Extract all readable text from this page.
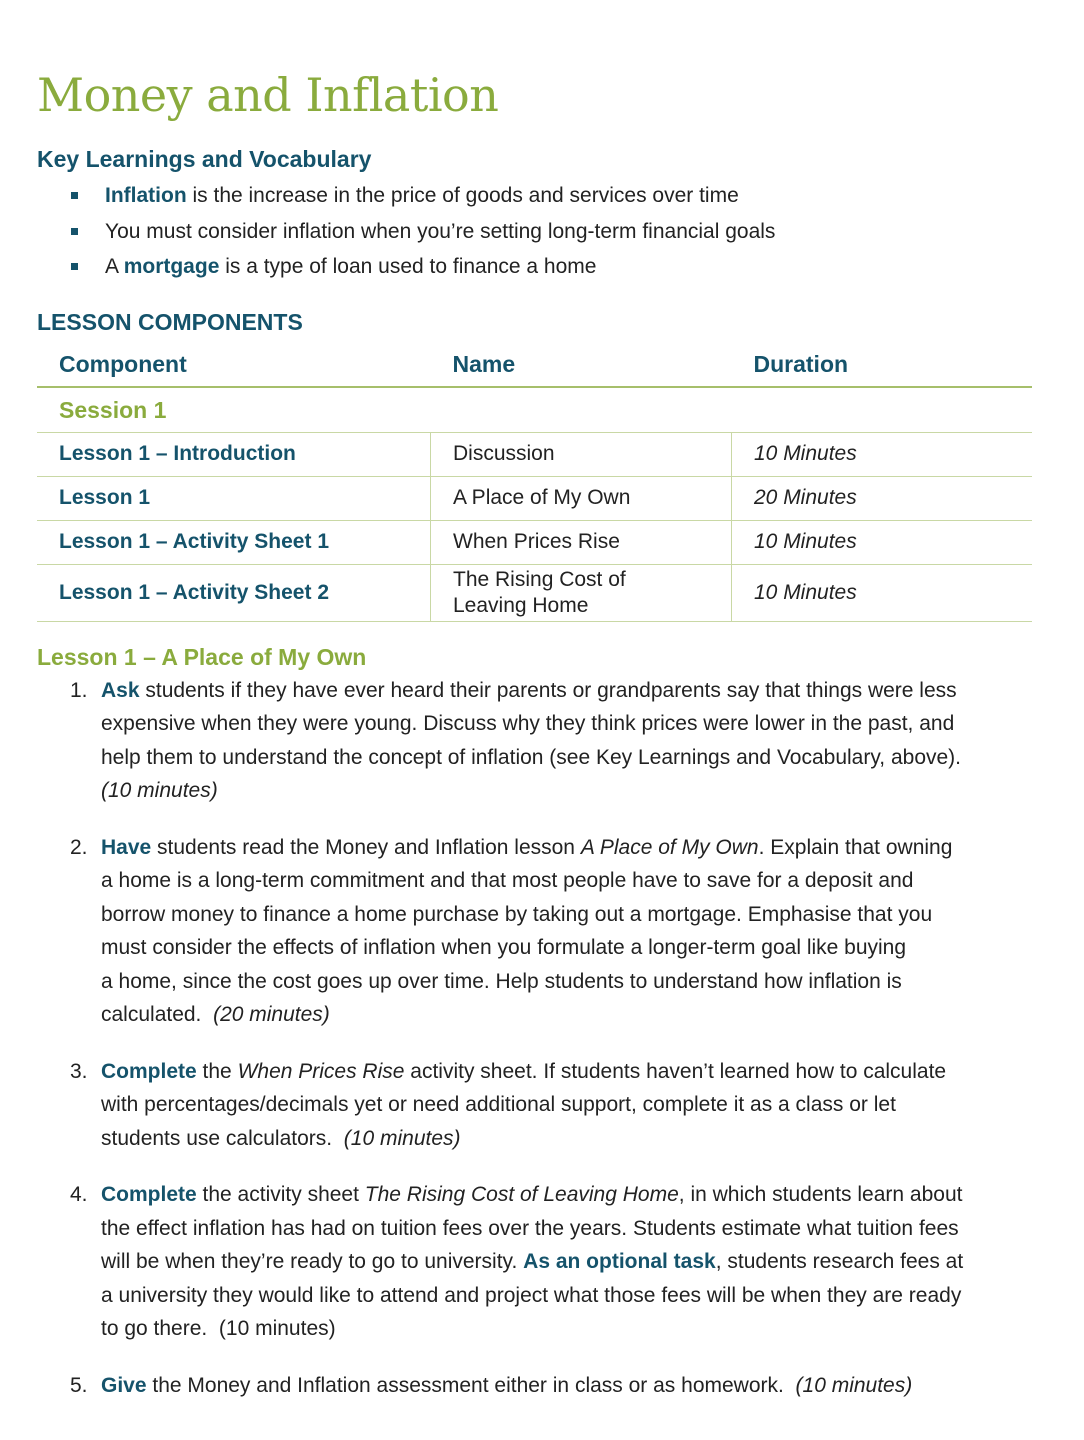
Money and Inflation
Key Learnings and Vocabulary
Inflation is the increase in the price of goods and services over time
You must consider inflation when you’re setting long-term financial goals
A mortgage is a type of loan used to finance a home
LESSON COMPONENTS
Component	Name	Duration
Session 1		
Lesson 1 – Introduction	Discussion	10 Minutes
Lesson 1	A Place of My Own	20 Minutes
Lesson 1 – Activity Sheet 1	When Prices Rise	10 Minutes
Lesson 1 – Activity Sheet 2	The Rising Cost of
Leaving Home	10 Minutes
Lesson 1 – A Place of My Own
1. Ask students if they have ever heard their parents or grandparents say that things were less
expensive when they were young. Discuss why they think prices were lower in the past, and
help them to understand the concept of inflation (see Key Learnings and Vocabulary, above).
(10 minutes)
2. Have students read the Money and Inflation lesson A Place of My Own. Explain that owning
a home is a long-term commitment and that most people have to save for a deposit and
borrow money to finance a home purchase by taking out a mortgage. Emphasise that you
must consider the effects of inflation when you formulate a longer-term goal like buying
a home, since the cost goes up over time. Help students to understand how inflation is
calculated.  (20 minutes)
3. Complete the When Prices Rise activity sheet. If students haven’t learned how to calculate
with percentages/decimals yet or need additional support, complete it as a class or let
students use calculators.  (10 minutes)
4. Complete the activity sheet The Rising Cost of Leaving Home, in which students learn about
the effect inflation has had on tuition fees over the years. Students estimate what tuition fees
will be when they’re ready to go to university. As an optional task, students research fees at
a university they would like to attend and project what those fees will be when they are ready
to go there.  (10 minutes)
5. Give the Money and Inflation assessment either in class or as homework.  (10 minutes)
